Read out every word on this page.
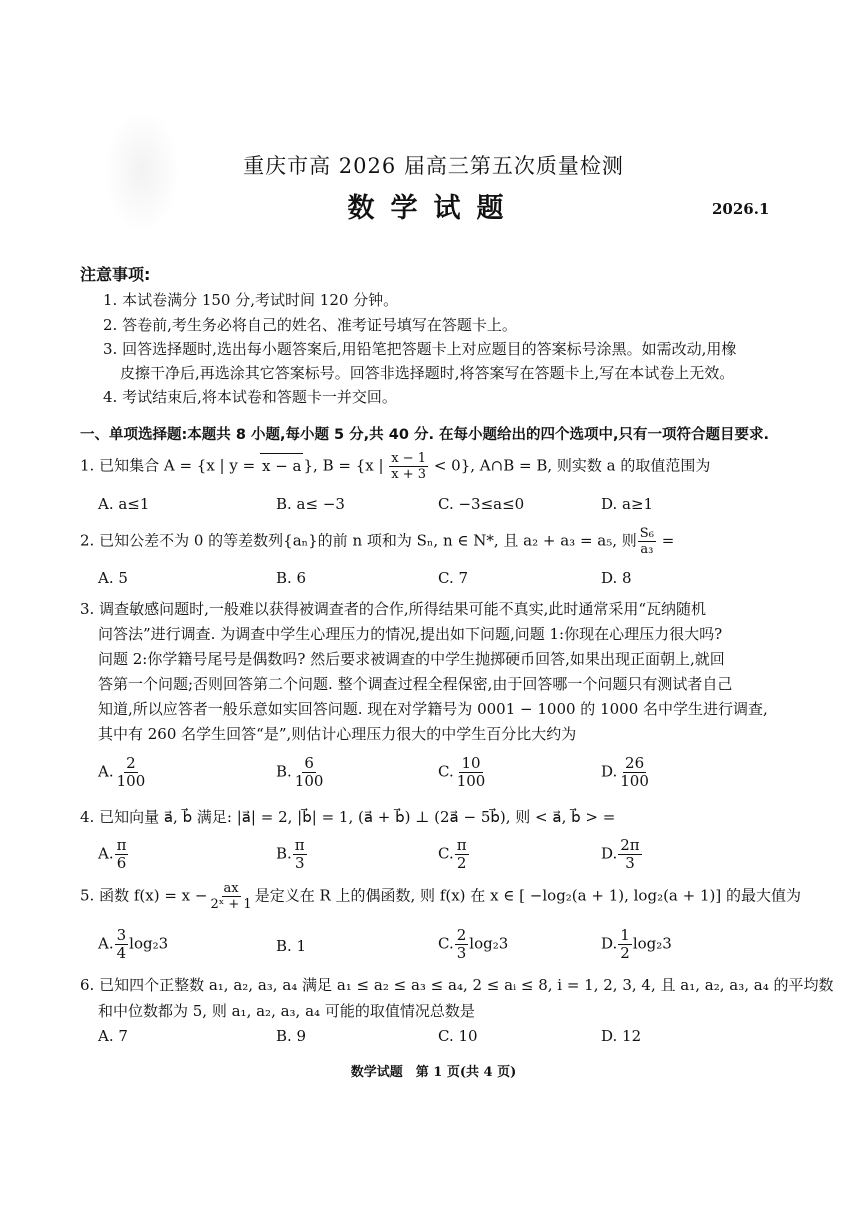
重庆市高 2026 届高三第五次质量检测
数学试题	2026.1
注意事项:
1. 本试卷满分 150 分,考试时间 120 分钟。
2. 答卷前,考生务必将自己的姓名、准考证号填写在答题卡上。
3. 回答选择题时,选出每小题答案后,用铅笔把答题卡上对应题目的答案标号涂黑。如需改动,用橡
皮擦干净后,再选涂其它答案标号。回答非选择题时,将答案写在答题卡上,写在本试卷上无效。
4. 考试结束后,将本试卷和答题卡一并交回。
一、单项选择题:本题共 8 小题,每小题 5 分,共 40 分. 在每小题给出的四个选项中,只有一项符合题目要求.
1. 已知集合 A = {x | y = x − a }, B = {x | $\frac{x - 1}{x + 3} < 0$}, A∩B = B, 则实数 a 的取值范围为
A. a≤1	B. a≤ −3	C. −3≤a≤0	D. a≥1
2. 已知公差不为 0 的等差数列{aₙ}的前 n 项和为 Sₙ, n ∈ N*, 且 a₂ + a₃ = a₅, 则 $\frac{\text{S₆}}{\text{a₃}}$ =
A. 5	B. 6	C. 7	D. 8
3. 调查敏感问题时,一般难以获得被调查者的合作,所得结果可能不真实,此时通常采用“瓦纳随机
问答法”进行调查. 为调查中学生心理压力的情况,提出如下问题,问题 1:你现在心理压力很大吗?
问题 2:你学籍号尾号是偶数吗? 然后要求被调查的中学生抛掷硬币回答,如果出现正面朝上,就回
答第一个问题;否则回答第二个问题. 整个调查过程全程保密,由于回答哪一个问题只有测试者自己
知道,所以应答者一般乐意如实回答问题. 现在对学籍号为 0001 − 1000 的 1000 名中学生进行调查,
其中有 260 名学生回答“是”,则估计心理压力很大的中学生百分比大约为
A. $\frac{2}{100}$	B. $\frac{6}{100}$	C. $\frac{10}{100}$	D. $\frac{26}{100}$
4. 已知向量 a⃗, b⃗ 满足: |a⃗| = 2, |b⃗| = 1, (a⃗ + b⃗) ⊥ (2a⃗ − 5b⃗), 则 < a⃗, b⃗ > =
A. $\frac{\pi}{6}$	B. $\frac{\pi}{3}$	C. $\frac{\pi}{2}$	D. $\frac{2\pi}{3}$
5. 函数 $f(x) = x - \frac{ax}{\text{2ˣ + 1}}$ 是定义在 R 上的偶函数, 则 f(x) 在 x ∈ [ −log₂(a + 1), log₂(a + 1)] 的最大值为
A. $\frac{3}{4} \log_23$	B. 1	C. $\frac{2}{3} \log_23$	D. $\frac{1}{2} \log_23$
6. 已知四个正整数 a₁, a₂, a₃, a₄ 满足 a₁ ≤ a₂ ≤ a₃ ≤ a₄, 2 ≤ aᵢ ≤ 8, i = 1, 2, 3, 4, 且 a₁, a₂, a₃, a₄ 的平均数
和中位数都为 5, 则 a₁, a₂, a₃, a₄ 可能的取值情况总数是
A. 7	B. 9	C. 10	D. 12
数学试题　第 1 页(共 4 页)
